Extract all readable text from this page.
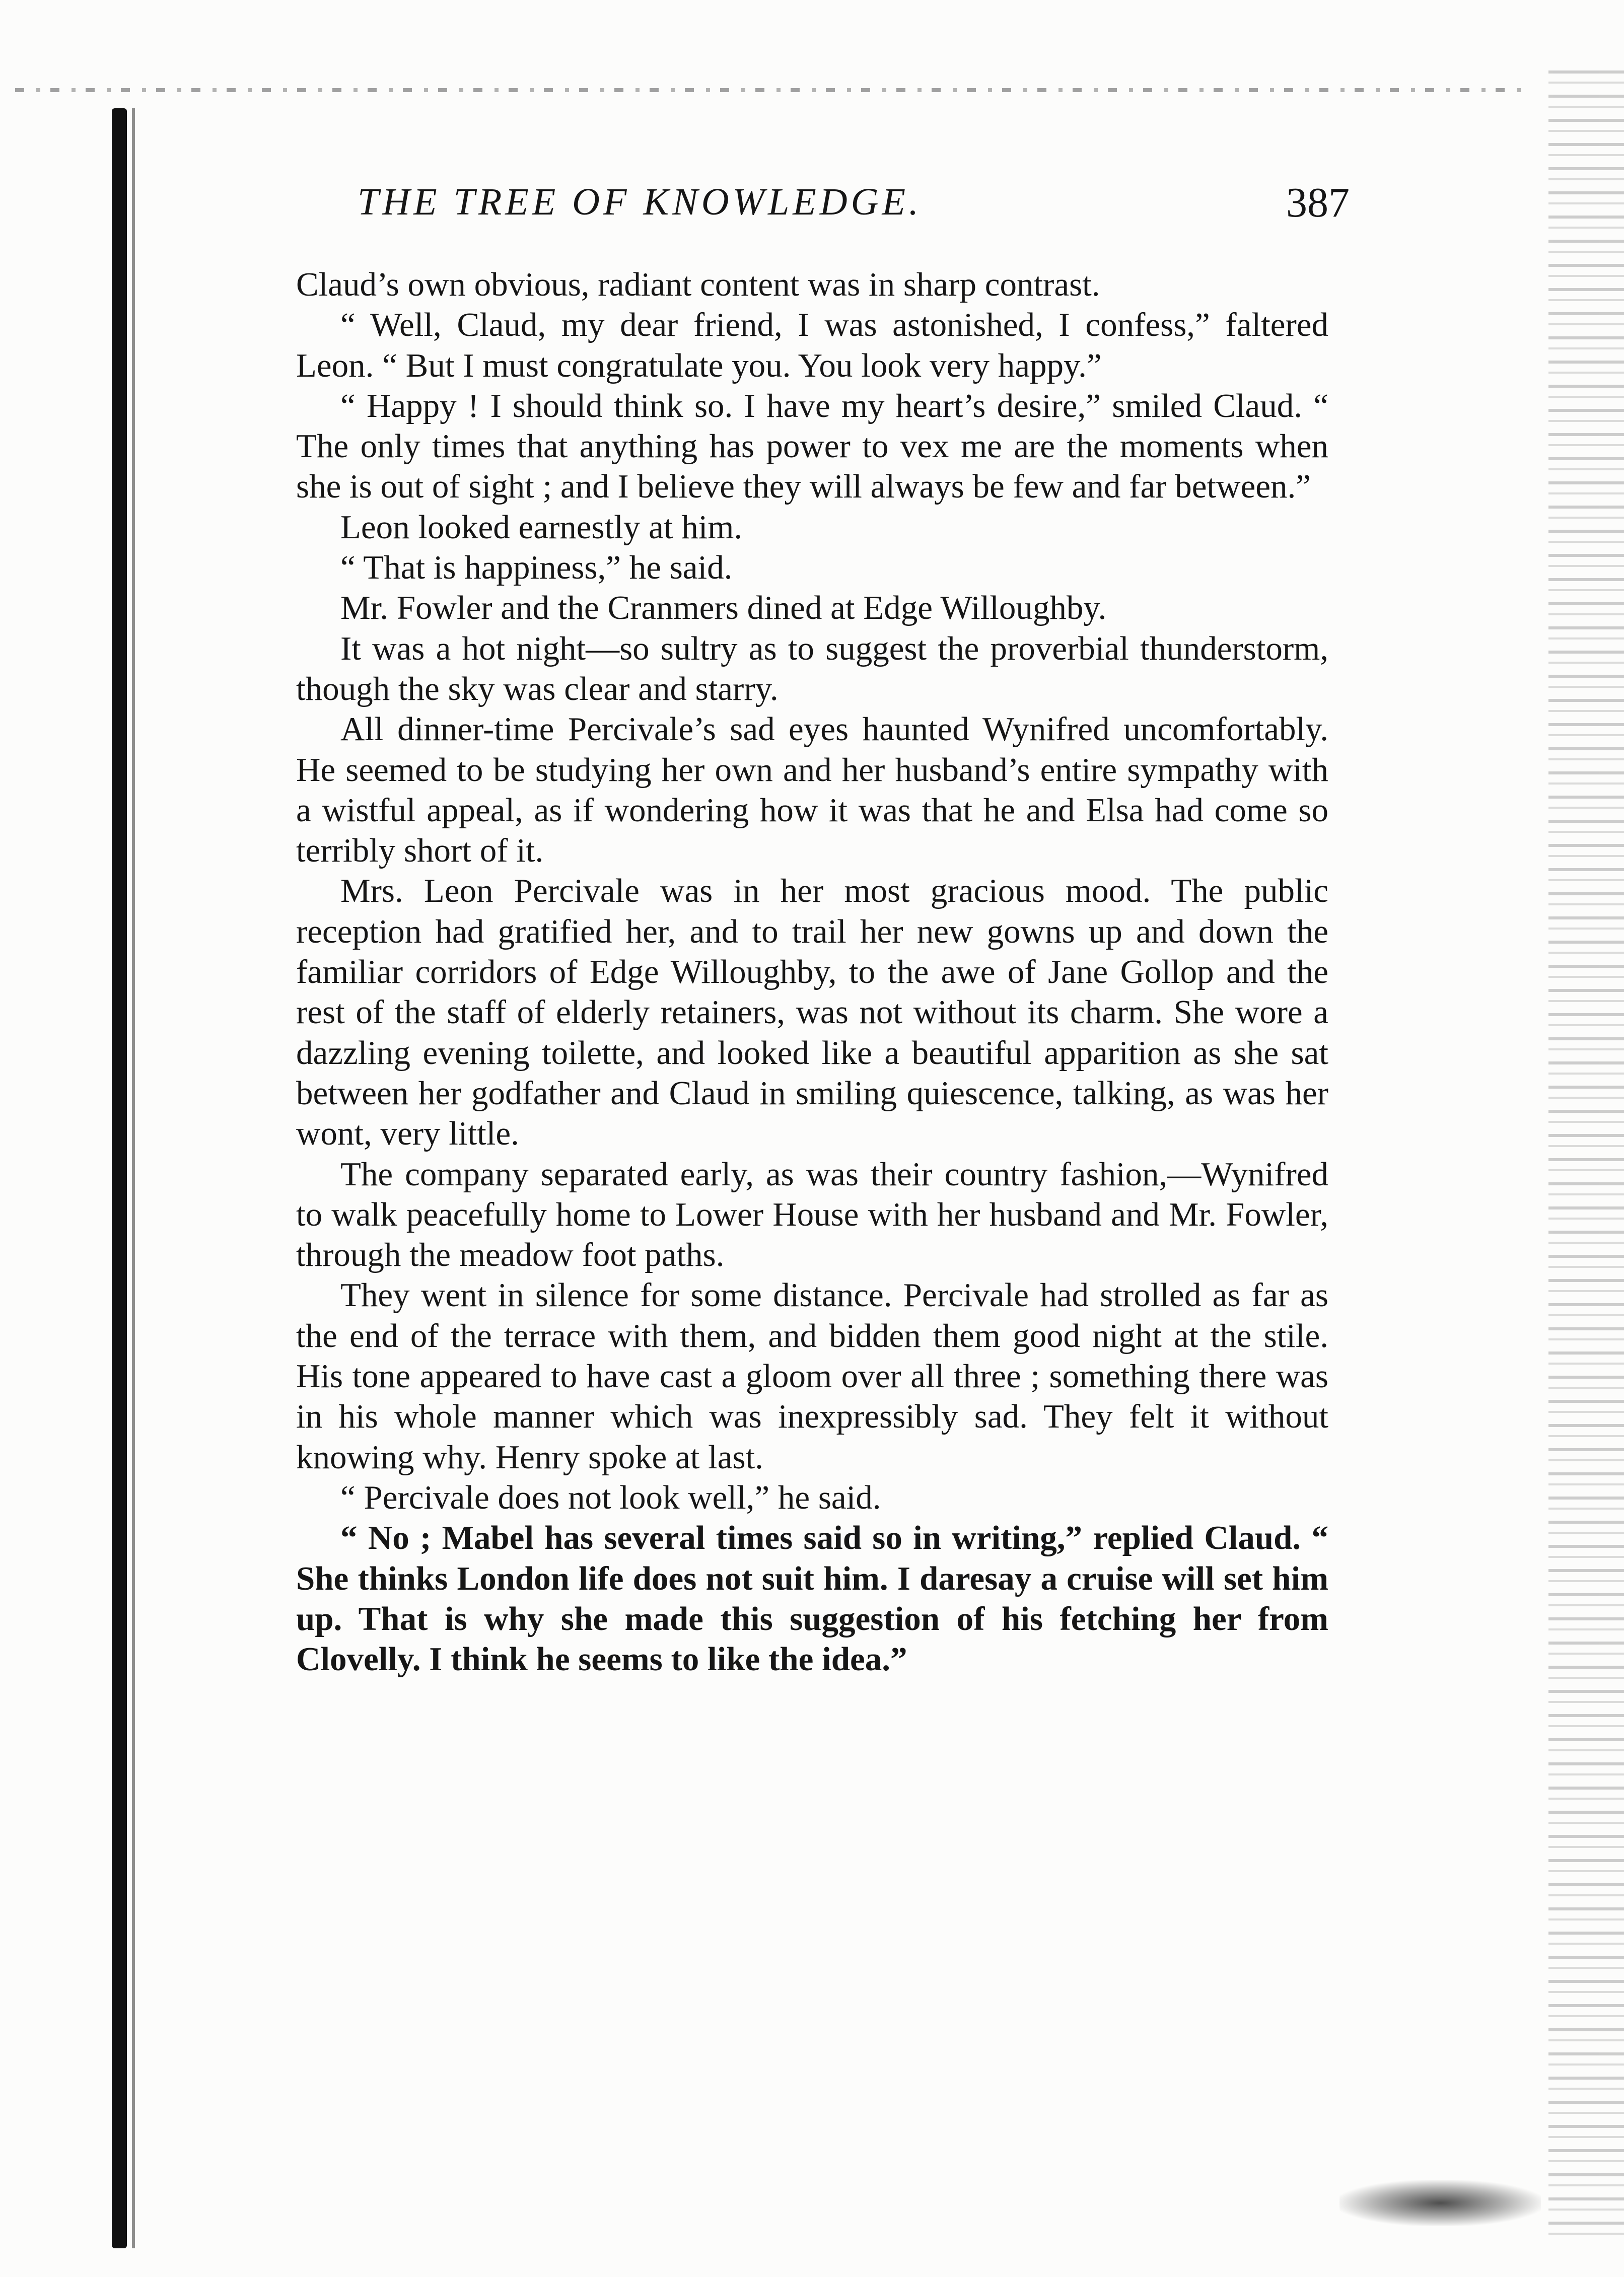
THE TREE OF KNOWLEDGE.	387

Claud’s own obvious, radiant content was in sharp contrast.

“ Well, Claud, my dear friend, I was astonished, I confess,” faltered Leon. “ But I must congratulate you. You look very happy.”

“ Happy ! I should think so. I have my heart’s desire,” smiled Claud. “ The only times that anything has power to vex me are the moments when she is out of sight ; and I believe they will always be few and far between.”

Leon looked earnestly at him.

“ That is happiness,” he said.

Mr. Fowler and the Cranmers dined at Edge Willoughby.

It was a hot night—so sultry as to suggest the proverbial thunderstorm, though the sky was clear and starry.

All dinner-time Percivale’s sad eyes haunted Wynifred uncomfortably. He seemed to be studying her own and her husband’s entire sympathy with a wistful appeal, as if wondering how it was that he and Elsa had come so terribly short of it.

Mrs. Leon Percivale was in her most gracious mood. The public reception had gratified her, and to trail her new gowns up and down the familiar corridors of Edge Willoughby, to the awe of Jane Gollop and the rest of the staff of elderly retainers, was not without its charm. She wore a dazzling evening toilette, and looked like a beautiful apparition as she sat between her godfather and Claud in smiling quiescence, talking, as was her wont, very little.

The company separated early, as was their country fashion,—Wynifred to walk peacefully home to Lower House with her husband and Mr. Fowler, through the meadow foot paths.

They went in silence for some distance. Percivale had strolled as far as the end of the terrace with them, and bidden them good night at the stile. His tone appeared to have cast a gloom over all three ; something there was in his whole manner which was inexpressibly sad. They felt it without knowing why. Henry spoke at last.

“ Percivale does not look well,” he said.

“ No ; Mabel has several times said so in writing,” replied Claud. “ She thinks London life does not suit him. I daresay a cruise will set him up. That is why she made this suggestion of his fetching her from Clovelly. I think he seems to like the idea.”
